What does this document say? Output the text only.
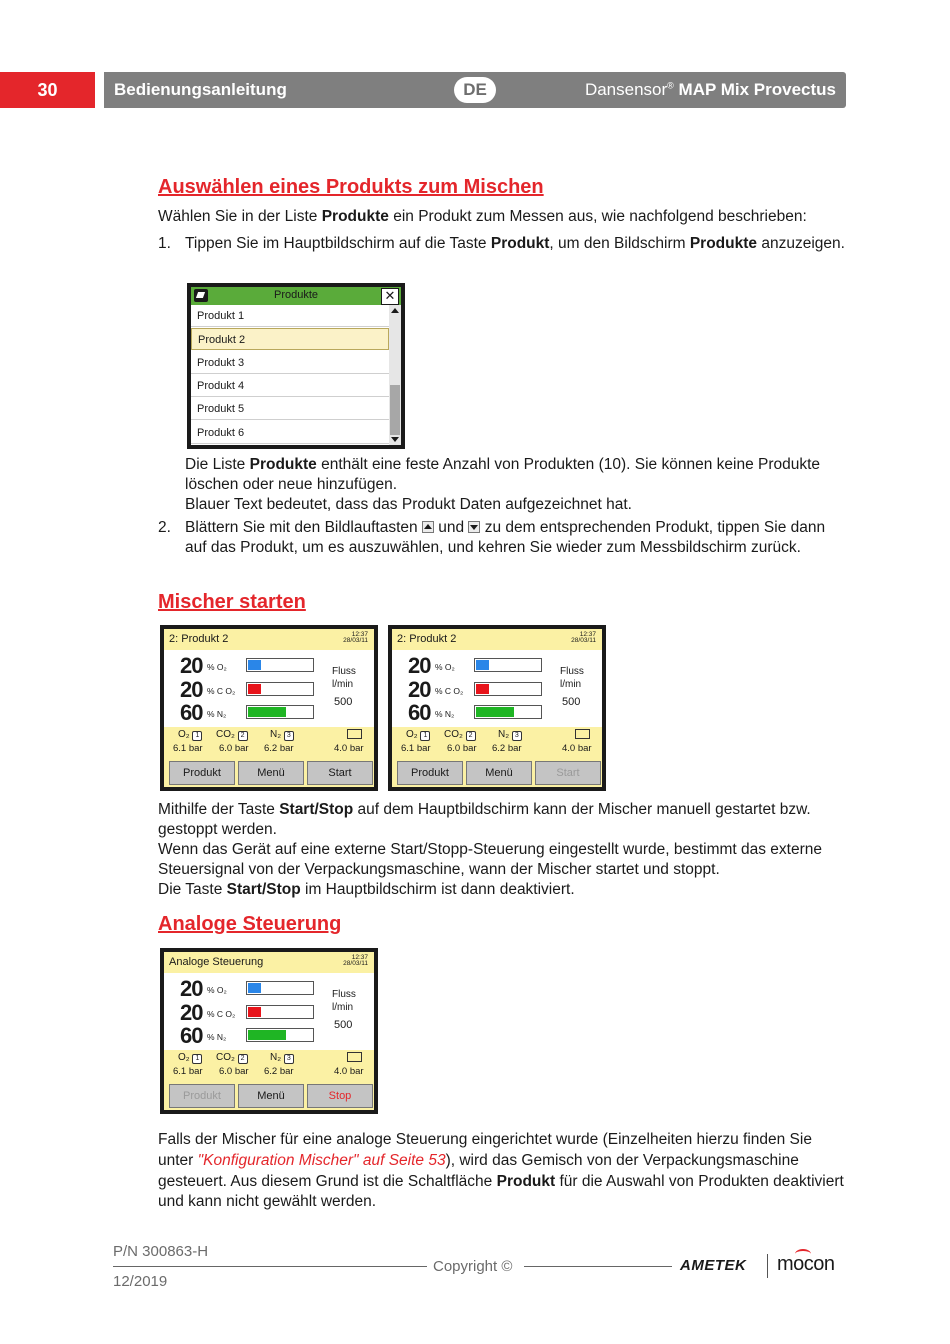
30	Bedienungsanleitung	DE	Dansensor® MAP Mix Provectus
Auswählen eines Produkts zum Mischen
Wählen Sie in der Liste Produkte ein Produkt zum Messen aus, wie nachfolgend beschrieben:
1. Tippen Sie im Hauptbildschirm auf die Taste Produkt, um den Bildschirm Produkte anzuzeigen.
Produkte	✕
Produkt 1
Produkt 2
Produkt 3
Produkt 4
Produkt 5
Produkt 6
Die Liste Produkte enthält eine feste Anzahl von Produkten (10). Sie können keine Produkte löschen oder neue hinzufügen.
Blauer Text bedeutet, dass das Produkt Daten aufgezeichnet hat.
2. Blättern Sie mit den Bildlauftasten
und
zu dem entsprechenden Produkt, tippen Sie dann auf das Produkt, um es auszuwählen, und kehren Sie wieder zum Messbildschirm zurück.
Mischer starten
2: Produkt 2	12:37
28/03/11
20 % O₂
20 % C O₂
60 % N₂
Fluss
l/min
500
O₂ 1
6.1 bar
CO₂ 2
6.0 bar
N₂ 3
6.2 bar	4.0 bar
Produkt	Menü	Start
2: Produkt 2	12:37
28/03/11
20 % O₂
20 % C O₂
60 % N₂
Fluss
l/min
500
O₂ 1
6.1 bar
CO₂ 2
6.0 bar
N₂ 3
6.2 bar	4.0 bar
Produkt	Menü	Start
Mithilfe der Taste Start/Stop auf dem Hauptbildschirm kann der Mischer manuell gestartet bzw. gestoppt werden.
Wenn das Gerät auf eine externe Start/Stopp-Steuerung eingestellt wurde, bestimmt das externe Steuersignal von der Verpackungsmaschine, wann der Mischer startet und stoppt.
Die Taste Start/Stop im Hauptbildschirm ist dann deaktiviert.
Analoge Steuerung
Analoge Steuerung	12:37
28/03/11
20 % O₂
20 % C O₂
60 % N₂
Fluss
l/min
500
O₂ 1
6.1 bar
CO₂ 2
6.0 bar
N₂ 3
6.2 bar	4.0 bar
Produkt	Menü	Stop
Falls der Mischer für eine analoge Steuerung eingerichtet wurde (Einzelheiten hierzu finden Sie unter "Konfiguration Mischer" auf Seite 53), wird das Gemisch von der Verpackungsmaschine gesteuert. Aus diesem Grund ist die Schaltfläche Produkt für die Auswahl von Produkten deaktiviert und kann nicht gewählt werden.
P/N 300863-H
12/2019
Copyright ©	AMETEK mocon
